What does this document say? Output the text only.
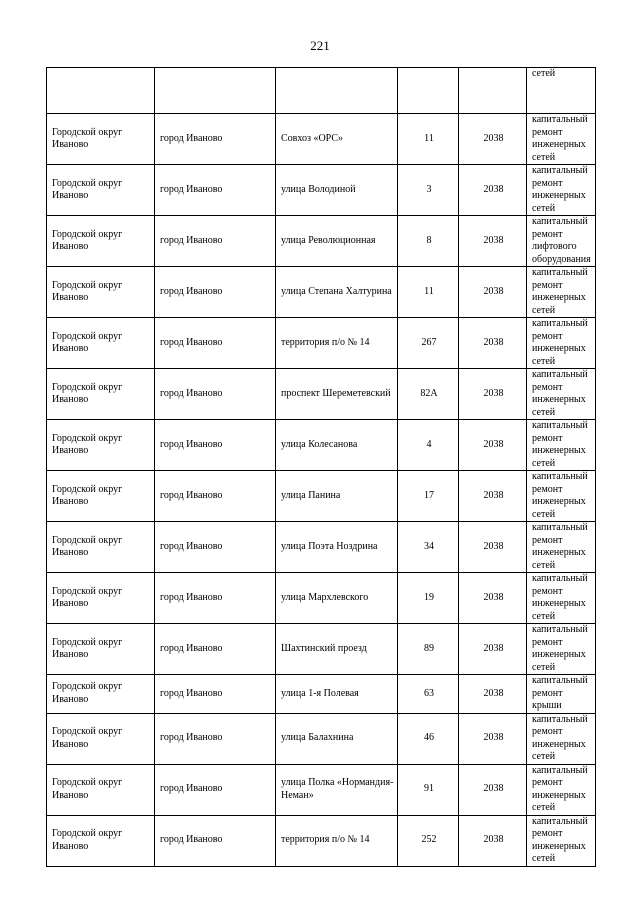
221
					сетей
Городской округ Иваново	город Иваново	Совхоз «ОРС»	11	2038	капитальный ремонт инженерных сетей
Городской округ Иваново	город Иваново	улица Володиной	3	2038	капитальный ремонт инженерных сетей
Городской округ Иваново	город Иваново	улица Революционная	8	2038	капитальный ремонт лифтового оборудования
Городской округ Иваново	город Иваново	улица Степана Халтурина	11	2038	капитальный ремонт инженерных сетей
Городской округ Иваново	город Иваново	территория п/о № 14	267	2038	капитальный ремонт инженерных сетей
Городской округ Иваново	город Иваново	проспект Шереметевский	82А	2038	капитальный ремонт инженерных сетей
Городской округ Иваново	город Иваново	улица Колесанова	4	2038	капитальный ремонт инженерных сетей
Городской округ Иваново	город Иваново	улица Панина	17	2038	капитальный ремонт инженерных сетей
Городской округ Иваново	город Иваново	улица Поэта Ноздрина	34	2038	капитальный ремонт инженерных сетей
Городской округ Иваново	город Иваново	улица Мархлевского	19	2038	капитальный ремонт инженерных сетей
Городской округ Иваново	город Иваново	Шахтинский проезд	89	2038	капитальный ремонт инженерных сетей
Городской округ Иваново	город Иваново	улица 1-я Полевая	63	2038	капитальный ремонт крыши
Городской округ Иваново	город Иваново	улица Балахнина	46	2038	капитальный ремонт инженерных сетей
Городской округ Иваново	город Иваново	улица Полка «Нормандия-Неман»	91	2038	капитальный ремонт инженерных сетей
Городской округ Иваново	город Иваново	территория п/о № 14	252	2038	капитальный ремонт инженерных сетей
